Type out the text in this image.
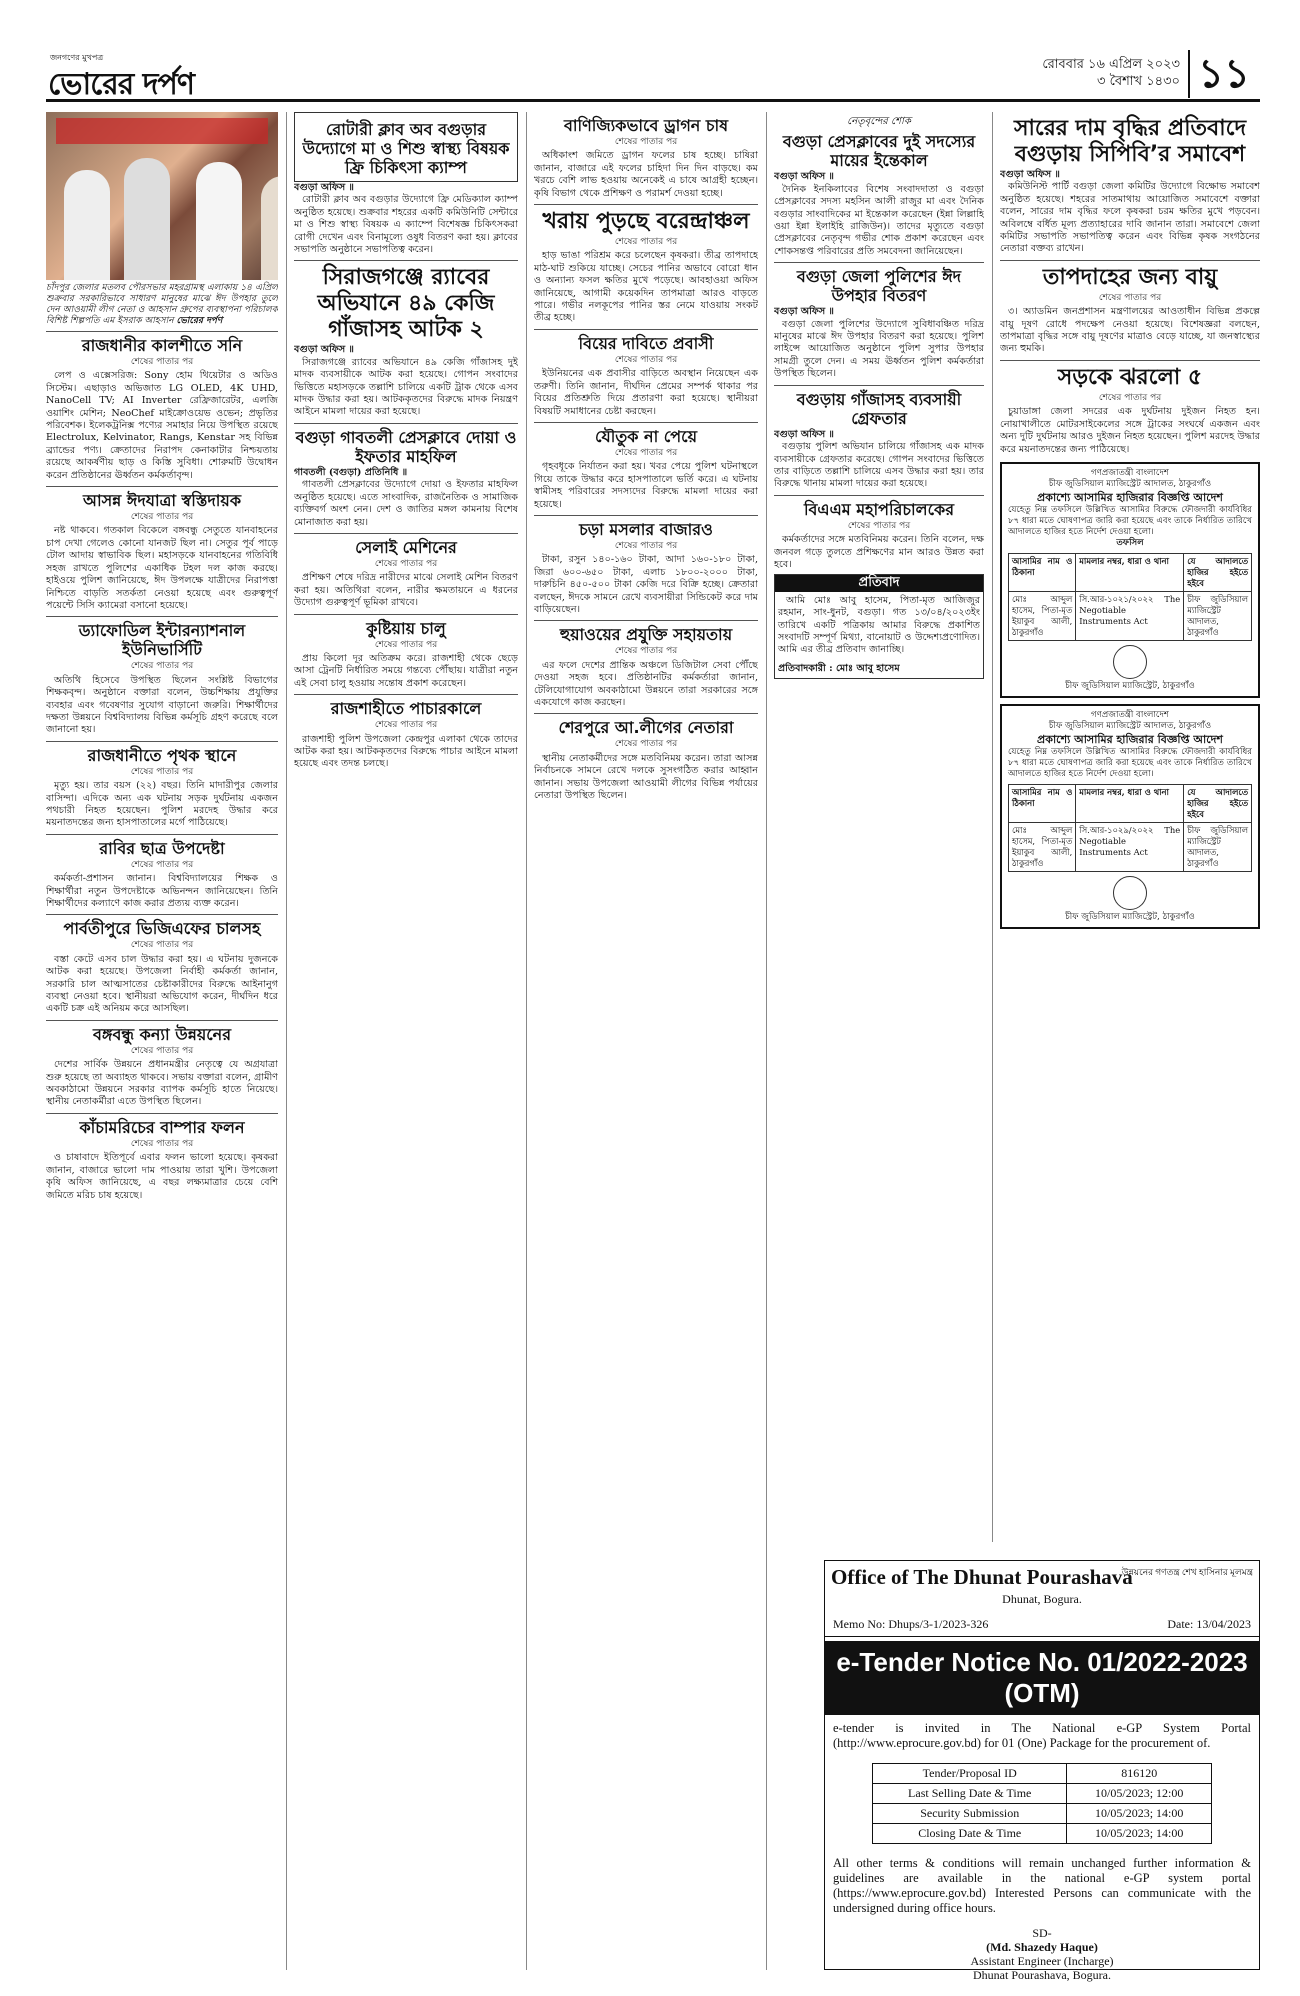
জনগণের মুখপত্র
ভোরের দর্পণ
রোববার ১৬ এপ্রিল ২০২৩
৩ বৈশাখ ১৪৩০ ১১
চাঁদপুর জেলার মতলব পৌরসভার মহরগ্রামস্থ এলাকায় ১৪ এপ্রিল শুক্রবার সরকারিভাবে সাধারণ মানুষের মাঝে ঈদ উপহার তুলে দেন আওয়ামী লীগ নেতা ও আহসান গ্রুপের ব্যবস্থাপনা পরিচালক বিশিষ্ট শিল্পপতি এম ইসরাক আহসান ভোরের দর্পণ
রাজধানীর কালশীতে সনি
শেষের পাতার পর

লেপ ও এক্সেসরিজ: Sony হোম থিয়েটার ও অডিও সিস্টেম। এছাড়াও অভিজাত LG OLED, 4K UHD, NanoCell TV; AI Inverter রেফ্রিজারেটর, এলজি ওয়াশিং মেশিন; NeoChef মাইক্রোওয়েভ ওভেন; প্রভৃতির পরিবেশক। ইলেকট্রনিক্স পণ্যের সমাহার নিয়ে উপস্থিত রয়েছে Electrolux, Kelvinator, Rangs, Kenstar সহ বিভিন্ন ব্র্যান্ডের পণ্য। ক্রেতাদের নিরাপদ কেনাকাটার নিশ্চয়তায় রয়েছে আকর্ষণীয় ছাড় ও কিস্তি সুবিধা। শোরুমটি উদ্বোধন করেন প্রতিষ্ঠানের ঊর্ধ্বতন কর্মকর্তাবৃন্দ।

আসন্ন ঈদযাত্রা স্বস্তিদায়ক
শেষের পাতার পর

নষ্ট থাকবে। গতকাল বিকেলে বঙ্গবন্ধু সেতুতে যানবাহনের চাপ দেখা গেলেও কোনো যানজট ছিল না। সেতুর পূর্ব পাড়ে টোল আদায় স্বাভাবিক ছিল। মহাসড়কে যানবাহনের গতিবিধি সহজ রাখতে পুলিশের একাধিক টহল দল কাজ করছে। হাইওয়ে পুলিশ জানিয়েছে, ঈদ উপলক্ষে যাত্রীদের নিরাপত্তা নিশ্চিতে বাড়তি সতর্কতা নেওয়া হয়েছে এবং গুরুত্বপূর্ণ পয়েন্টে সিসি ক্যামেরা বসানো হয়েছে।

ড্যাফোডিল ইন্টারন্যাশনাল ইউনিভার্সিটি
শেষের পাতার পর

অতিথি হিসেবে উপস্থিত ছিলেন সংশ্লিষ্ট বিভাগের শিক্ষকবৃন্দ। অনুষ্ঠানে বক্তারা বলেন, উচ্চশিক্ষায় প্রযুক্তির ব্যবহার এবং গবেষণার সুযোগ বাড়ানো জরুরি। শিক্ষার্থীদের দক্ষতা উন্নয়নে বিশ্ববিদ্যালয় বিভিন্ন কর্মসূচি গ্রহণ করেছে বলে জানানো হয়।

রাজধানীতে পৃথক স্থানে
শেষের পাতার পর

মৃত্যু হয়। তার বয়স (২২) বছর। তিনি মাদারীপুর জেলার বাসিন্দা। এদিকে অন্য এক ঘটনায় সড়ক দুর্ঘটনায় একজন পথচারী নিহত হয়েছেন। পুলিশ মরদেহ উদ্ধার করে ময়নাতদন্তের জন্য হাসপাতালের মর্গে পাঠিয়েছে।

রাবির ছাত্র উপদেষ্টা
শেষের পাতার পর

কর্মকর্তা-প্রশাসন জানান। বিশ্ববিদ্যালয়ের শিক্ষক ও শিক্ষার্থীরা নতুন উপদেষ্টাকে অভিনন্দন জানিয়েছেন। তিনি শিক্ষার্থীদের কল্যাণে কাজ করার প্রত্যয় ব্যক্ত করেন।

পার্বতীপুরে ভিজিএফের চালসহ
শেষের পাতার পর

বস্তা কেটে এসব চাল উদ্ধার করা হয়। এ ঘটনায় দুজনকে আটক করা হয়েছে। উপজেলা নির্বাহী কর্মকর্তা জানান, সরকারি চাল আত্মসাতের চেষ্টাকারীদের বিরুদ্ধে আইনানুগ ব্যবস্থা নেওয়া হবে। স্থানীয়রা অভিযোগ করেন, দীর্ঘদিন ধরে একটি চক্র এই অনিয়ম করে আসছিল।

বঙ্গবন্ধু কন্যা উন্নয়নের
শেষের পাতার পর

দেশের সার্বিক উন্নয়নে প্রধানমন্ত্রীর নেতৃত্বে যে অগ্রযাত্রা শুরু হয়েছে তা অব্যাহত থাকবে। সভায় বক্তারা বলেন, গ্রামীণ অবকাঠামো উন্নয়নে সরকার ব্যাপক কর্মসূচি হাতে নিয়েছে। স্থানীয় নেতাকর্মীরা এতে উপস্থিত ছিলেন।

কাঁচামরিচের বাম্পার ফলন
শেষের পাতার পর

ও চাষাবাদে ইতিপূর্বে এবার ফলন ভালো হয়েছে। কৃষকরা জানান, বাজারে ভালো দাম পাওয়ায় তারা খুশি। উপজেলা কৃষি অফিস জানিয়েছে, এ বছর লক্ষ্যমাত্রার চেয়ে বেশি জমিতে মরিচ চাষ হয়েছে।

রোটারী ক্লাব অব বগুড়ার উদ্যোগে মা ও শিশু স্বাস্থ্য বিষয়ক ফ্রি চিকিৎসা ক্যাম্প
বগুড়া অফিস ॥

রোটারী ক্লাব অব বগুড়ার উদ্যোগে ফ্রি মেডিক্যাল ক্যাম্প অনুষ্ঠিত হয়েছে। শুক্রবার শহরের একটি কমিউনিটি সেন্টারে মা ও শিশু স্বাস্থ্য বিষয়ক এ ক্যাম্পে বিশেষজ্ঞ চিকিৎসকরা রোগী দেখেন এবং বিনামূল্যে ওষুধ বিতরণ করা হয়। ক্লাবের সভাপতি অনুষ্ঠানে সভাপতিত্ব করেন।

সিরাজগঞ্জে র‌্যাবের অভিযানে ৪৯ কেজি গাঁজাসহ আটক ২
বগুড়া অফিস ॥

সিরাজগঞ্জে র‌্যাবের অভিযানে ৪৯ কেজি গাঁজাসহ দুই মাদক ব্যবসায়ীকে আটক করা হয়েছে। গোপন সংবাদের ভিত্তিতে মহাসড়কে তল্লাশি চালিয়ে একটি ট্রাক থেকে এসব মাদক উদ্ধার করা হয়। আটককৃতদের বিরুদ্ধে মাদক নিয়ন্ত্রণ আইনে মামলা দায়ের করা হয়েছে।

বগুড়া গাবতলী প্রেসক্লাবে দোয়া ও ইফতার মাহফিল
গাবতলী (বগুড়া) প্রতিনিধি ॥

গাবতলী প্রেসক্লাবের উদ্যোগে দোয়া ও ইফতার মাহফিল অনুষ্ঠিত হয়েছে। এতে সাংবাদিক, রাজনৈতিক ও সামাজিক ব্যক্তিবর্গ অংশ নেন। দেশ ও জাতির মঙ্গল কামনায় বিশেষ মোনাজাত করা হয়।

সেলাই মেশিনের
শেষের পাতার পর

প্রশিক্ষণ শেষে দরিদ্র নারীদের মাঝে সেলাই মেশিন বিতরণ করা হয়। অতিথিরা বলেন, নারীর ক্ষমতায়নে এ ধরনের উদ্যোগ গুরুত্বপূর্ণ ভূমিকা রাখবে।

কুষ্টিয়ায় চালু
শেষের পাতার পর

প্রায় কিলো দূর অতিক্রম করে। রাজশাহী থেকে ছেড়ে আসা ট্রেনটি নির্ধারিত সময়ে গন্তব্যে পৌঁছায়। যাত্রীরা নতুন এই সেবা চালু হওয়ায় সন্তোষ প্রকাশ করেছেন।

রাজশাহীতে পাচারকালে
শেষের পাতার পর

রাজশাহী পুলিশ উপজেলা কেন্দ্রপুর এলাকা থেকে তাদের আটক করা হয়। আটককৃতদের বিরুদ্ধে পাচার আইনে মামলা হয়েছে এবং তদন্ত চলছে।

বাণিজ্যিকভাবে ড্রাগন চাষ
শেষের পাতার পর

অধিকাংশ জমিতে ড্রাগন ফলের চাষ হচ্ছে। চাষিরা জানান, বাজারে এই ফলের চাহিদা দিন দিন বাড়ছে। কম খরচে বেশি লাভ হওয়ায় অনেকেই এ চাষে আগ্রহী হচ্ছেন। কৃষি বিভাগ থেকে প্রশিক্ষণ ও পরামর্শ দেওয়া হচ্ছে।

খরায় পুড়ছে বরেন্দ্রাঞ্চল
শেষের পাতার পর

হাড় ভাঙা পরিশ্রম করে চলেছেন কৃষকরা। তীব্র তাপদাহে মাঠ-ঘাট শুকিয়ে যাচ্ছে। সেচের পানির অভাবে বোরো ধান ও অন্যান্য ফসল ক্ষতির মুখে পড়েছে। আবহাওয়া অফিস জানিয়েছে, আগামী কয়েকদিন তাপমাত্রা আরও বাড়তে পারে। গভীর নলকূপের পানির স্তর নেমে যাওয়ায় সংকট তীব্র হচ্ছে।

বিয়ের দাবিতে প্রবাসী
শেষের পাতার পর

ইউনিয়নের এক প্রবাসীর বাড়িতে অবস্থান নিয়েছেন এক তরুণী। তিনি জানান, দীর্ঘদিন প্রেমের সম্পর্ক থাকার পর বিয়ের প্রতিশ্রুতি দিয়ে প্রতারণা করা হয়েছে। স্থানীয়রা বিষয়টি সমাধানের চেষ্টা করছেন।

যৌতুক না পেয়ে
শেষের পাতার পর

গৃহবধূকে নির্যাতন করা হয়। খবর পেয়ে পুলিশ ঘটনাস্থলে গিয়ে তাকে উদ্ধার করে হাসপাতালে ভর্তি করে। এ ঘটনায় স্বামীসহ পরিবারের সদস্যদের বিরুদ্ধে মামলা দায়ের করা হয়েছে।

চড়া মসলার বাজারও
শেষের পাতার পর

টাকা, রসুন ১৪০-১৬০ টাকা, আদা ১৬০-১৮০ টাকা, জিরা ৬০০-৬৫০ টাকা, এলাচ ১৮০০-২০০০ টাকা, দারুচিনি ৪৫০-৫০০ টাকা কেজি দরে বিক্রি হচ্ছে। ক্রেতারা বলছেন, ঈদকে সামনে রেখে ব্যবসায়ীরা সিন্ডিকেট করে দাম বাড়িয়েছেন।

হুয়াওয়ের প্রযুক্তি সহায়তায়
শেষের পাতার পর

এর ফলে দেশের প্রান্তিক অঞ্চলে ডিজিটাল সেবা পৌঁছে দেওয়া সহজ হবে। প্রতিষ্ঠানটির কর্মকর্তারা জানান, টেলিযোগাযোগ অবকাঠামো উন্নয়নে তারা সরকারের সঙ্গে একযোগে কাজ করছেন।

শেরপুরে আ.লীগের নেতারা
শেষের পাতার পর

স্থানীয় নেতাকর্মীদের সঙ্গে মতবিনিময় করেন। তারা আসন্ন নির্বাচনকে সামনে রেখে দলকে সুসংগঠিত করার আহ্বান জানান। সভায় উপজেলা আওয়ামী লীগের বিভিন্ন পর্যায়ের নেতারা উপস্থিত ছিলেন।

নেতৃবৃন্দের শোক
বগুড়া প্রেসক্লাবের দুই সদস্যের মায়ের ইন্তেকাল
বগুড়া অফিস ॥

দৈনিক ইনকিলাবের বিশেষ সংবাদদাতা ও বগুড়া প্রেসক্লাবের সদস্য মহসিন আলী রাজুর মা এবং দৈনিক বগুড়ার সাংবাদিকের মা ইন্তেকাল করেছেন (ইন্না লিল্লাহি ওয়া ইন্না ইলাইহি রাজিউন)। তাদের মৃত্যুতে বগুড়া প্রেসক্লাবের নেতৃবৃন্দ গভীর শোক প্রকাশ করেছেন এবং শোকসন্তপ্ত পরিবারের প্রতি সমবেদনা জানিয়েছেন।

বগুড়া জেলা পুলিশের ঈদ উপহার বিতরণ
বগুড়া অফিস ॥

বগুড়া জেলা পুলিশের উদ্যোগে সুবিধাবঞ্চিত দরিদ্র মানুষের মাঝে ঈদ উপহার বিতরণ করা হয়েছে। পুলিশ লাইন্সে আয়োজিত অনুষ্ঠানে পুলিশ সুপার উপহার সামগ্রী তুলে দেন। এ সময় ঊর্ধ্বতন পুলিশ কর্মকর্তারা উপস্থিত ছিলেন।

বগুড়ায় গাঁজাসহ ব্যবসায়ী গ্রেফতার
বগুড়া অফিস ॥

বগুড়ায় পুলিশ অভিযান চালিয়ে গাঁজাসহ এক মাদক ব্যবসায়ীকে গ্রেফতার করেছে। গোপন সংবাদের ভিত্তিতে তার বাড়িতে তল্লাশি চালিয়ে এসব উদ্ধার করা হয়। তার বিরুদ্ধে থানায় মামলা দায়ের করা হয়েছে।

বিএএম মহাপরিচালকের
শেষের পাতার পর

কর্মকর্তাদের সঙ্গে মতবিনিময় করেন। তিনি বলেন, দক্ষ জনবল গড়ে তুলতে প্রশিক্ষণের মান আরও উন্নত করা হবে।

প্রতিবাদ

আমি মোঃ আবু হাসেম, পিতা-মৃত আজিজুর রহমান, সাং-ধুনট, বগুড়া। গত ১৩/০৪/২০২৩ইং তারিখে একটি পত্রিকায় আমার বিরুদ্ধে প্রকাশিত সংবাদটি সম্পূর্ণ মিথ্যা, বানোয়াট ও উদ্দেশ্যপ্রণোদিত। আমি এর তীব্র প্রতিবাদ জানাচ্ছি।

প্রতিবাদকারী : মোঃ আবু হাসেম
সারের দাম বৃদ্ধির প্রতিবাদে বগুড়ায় সিপিবি’র সমাবেশ
বগুড়া অফিস ॥

কমিউনিস্ট পার্টি বগুড়া জেলা কমিটির উদ্যোগে বিক্ষোভ সমাবেশ অনুষ্ঠিত হয়েছে। শহরের সাতমাথায় আয়োজিত সমাবেশে বক্তারা বলেন, সারের দাম বৃদ্ধির ফলে কৃষকরা চরম ক্ষতির মুখে পড়বেন। অবিলম্বে বর্ধিত মূল্য প্রত্যাহারের দাবি জানান তারা। সমাবেশে জেলা কমিটির সভাপতি সভাপতিত্ব করেন এবং বিভিন্ন কৃষক সংগঠনের নেতারা বক্তব্য রাখেন।

তাপদাহের জন্য বায়ু
শেষের পাতার পর

৩। অ্যাডমিন জনপ্রশাসন মন্ত্রণালয়ের আওতাধীন বিভিন্ন প্রকল্পে বায়ু দূষণ রোধে পদক্ষেপ নেওয়া হয়েছে। বিশেষজ্ঞরা বলছেন, তাপমাত্রা বৃদ্ধির সঙ্গে বায়ু দূষণের মাত্রাও বেড়ে যাচ্ছে, যা জনস্বাস্থ্যের জন্য হুমকি।

সড়কে ঝরলো ৫
শেষের পাতার পর

চুয়াডাঙ্গা জেলা সদরের এক দুর্ঘটনায় দুইজন নিহত হন। নোয়াখালীতে মোটরসাইকেলের সঙ্গে ট্রাকের সংঘর্ষে একজন এবং অন্য দুটি দুর্ঘটনায় আরও দুইজন নিহত হয়েছেন। পুলিশ মরদেহ উদ্ধার করে ময়নাতদন্তের জন্য পাঠিয়েছে।

গণপ্রজাতন্ত্রী বাংলাদেশ
চীফ জুডিসিয়াল ম্যাজিস্ট্রেট আদালত, ঠাকুরগাঁও
প্রকাশ্যে আসামির হাজিরার বিজ্ঞপ্তি আদেশ

যেহেতু নিম্ন তফসিলে উল্লিখিত আসামির বিরুদ্ধে ফৌজদারী কার্যবিধির ৮৭ ধারা মতে ঘোষণাপত্র জারি করা হয়েছে এবং তাকে নির্ধারিত তারিখে আদালতে হাজির হতে নির্দেশ দেওয়া হলো।

তফসিল
আসামির নাম ও ঠিকানা	মামলার নম্বর, ধারা ও থানা	যে আদালতে হাজির হইতে হইবে
মোঃ আব্দুল হাসেম, পিতা-মৃত ইয়াকুব আলী, ঠাকুরগাঁও	সি.আর-১০২১/২০২২ The Negotiable Instruments Act	চীফ জুডিসিয়াল ম্যাজিস্ট্রেট আদালত, ঠাকুরগাঁও
চীফ জুডিসিয়াল ম্যাজিস্ট্রেট, ঠাকুরগাঁও
গণপ্রজাতন্ত্রী বাংলাদেশ
চীফ জুডিসিয়াল ম্যাজিস্ট্রেট আদালত, ঠাকুরগাঁও
প্রকাশ্যে আসামির হাজিরার বিজ্ঞপ্তি আদেশ

যেহেতু নিম্ন তফসিলে উল্লিখিত আসামির বিরুদ্ধে ফৌজদারী কার্যবিধির ৮৭ ধারা মতে ঘোষণাপত্র জারি করা হয়েছে এবং তাকে নির্ধারিত তারিখে আদালতে হাজির হতে নির্দেশ দেওয়া হলো।

আসামির নাম ও ঠিকানা	মামলার নম্বর, ধারা ও থানা	যে আদালতে হাজির হইতে হইবে
মোঃ আব্দুল হাসেম, পিতা-মৃত ইয়াকুব আলী, ঠাকুরগাঁও	সি.আর-১০২৯/২০২২ The Negotiable Instruments Act	চীফ জুডিসিয়াল ম্যাজিস্ট্রেট আদালত, ঠাকুরগাঁও
চীফ জুডিসিয়াল ম্যাজিস্ট্রেট, ঠাকুরগাঁও
Office of The Dhunat Pourashava
উন্নয়নের গণতন্ত্র শেখ হাসিনার মূলমন্ত্র
Dhunat, Bogura.
Memo No: Dhups/3-1/2023-326	Date: 13/04/2023
e-Tender Notice No. 01/2022-2023 (OTM)
e-tender is invited in The National e-GP System Portal (http://www.eprocure.gov.bd) for 01 (One) Package for the procurement of.
Tender/Proposal ID	816120
Last Selling Date & Time	10/05/2023; 12:00
Security Submission	10/05/2023; 14:00
Closing Date & Time	10/05/2023; 14:00
All other terms & conditions will remain unchanged further information & guidelines are available in the national e-GP system portal (https://www.eprocure.gov.bd) Interested Persons can communicate with the undersigned during office hours.
SD-
(Md. Shazedy Haque)
Assistant Engineer (Incharge)
Dhunat Pourashava, Bogura.
